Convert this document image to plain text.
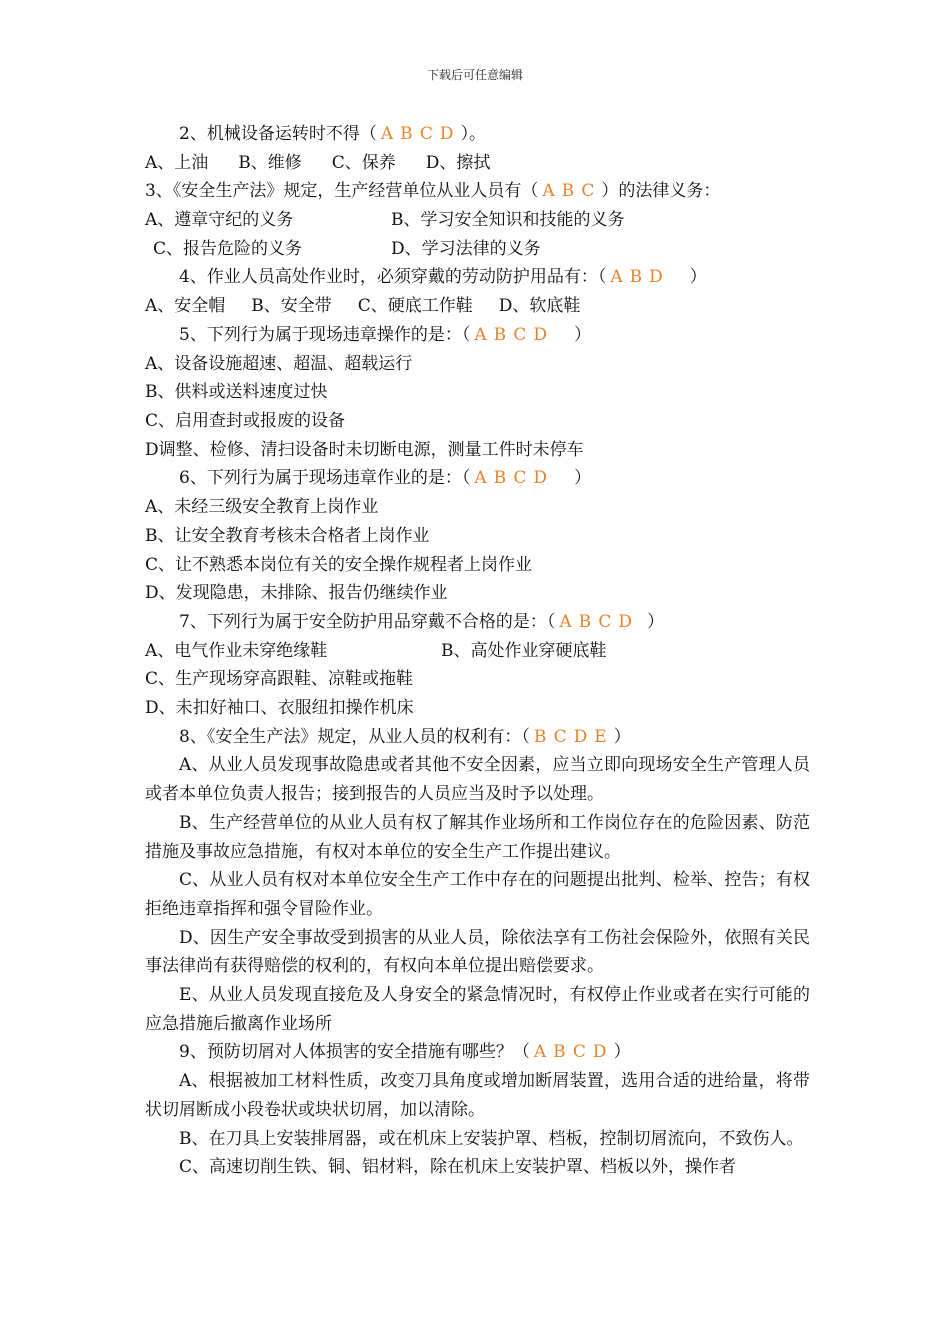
下载后可任意编辑
2、机械设备运转时不得（ ABCD）。
A、上油 B、维修 C、保养 D、擦拭
3、《安全生产法》规定，生产经营单位从业人员有（ ABC）的法律义务：
A、遵章守纪的义务	B、学习安全知识和技能的义务
C、报告危险的义务	D、学习法律的义务
4、作业人员高处作业时，必须穿戴的劳动防护用品有：（ ABD ）
A、安全帽 B、安全带 C、硬底工作鞋 D、软底鞋
5、下列行为属于现场违章操作的是：（ ABCD ）
A、设备设施超速、超温、超载运行
B、供料或送料速度过快
C、启用查封或报废的设备
D调整、检修、清扫设备时未切断电源，测量工件时未停车
6、下列行为属于现场违章作业的是：（ ABCD ）
A、未经三级安全教育上岗作业
B、让安全教育考核未合格者上岗作业
C、让不熟悉本岗位有关的安全操作规程者上岗作业
D、发现隐患，未排除、报告仍继续作业
7、下列行为属于安全防护用品穿戴不合格的是：（ ABCD ）
A、电气作业未穿绝缘鞋	B、高处作业穿硬底鞋
C、生产现场穿高跟鞋、凉鞋或拖鞋
D、未扣好袖口、衣服纽扣操作机床
8、《安全生产法》规定，从业人员的权利有：（ BCDE）
A、从业人员发现事故隐患或者其他不安全因素，应当立即向现场安全生产管理人员或者本单位负责人报告；接到报告的人员应当及时予以处理。
B、生产经营单位的从业人员有权了解其作业场所和工作岗位存在的危险因素、防范措施及事故应急措施，有权对本单位的安全生产工作提出建议。
C、从业人员有权对本单位安全生产工作中存在的问题提出批判、检举、控告；有权拒绝违章指挥和强令冒险作业。
D、因生产安全事故受到损害的从业人员，除依法享有工伤社会保险外，依照有关民事法律尚有获得赔偿的权利的，有权向本单位提出赔偿要求。
E、从业人员发现直接危及人身安全的紧急情况时，有权停止作业或者在实行可能的应急措施后撤离作业场所
9、预防切屑对人体损害的安全措施有哪些？（ ABCD）
A、根据被加工材料性质，改变刀具角度或增加断屑装置，选用合适的进给量，将带状切屑断成小段卷状或块状切屑，加以清除。
B、在刀具上安装排屑器，或在机床上安装护罩、档板，控制切屑流向，不致伤人。
C、高速切削生铁、铜、铝材料，除在机床上安装护罩、档板以外，操作者
